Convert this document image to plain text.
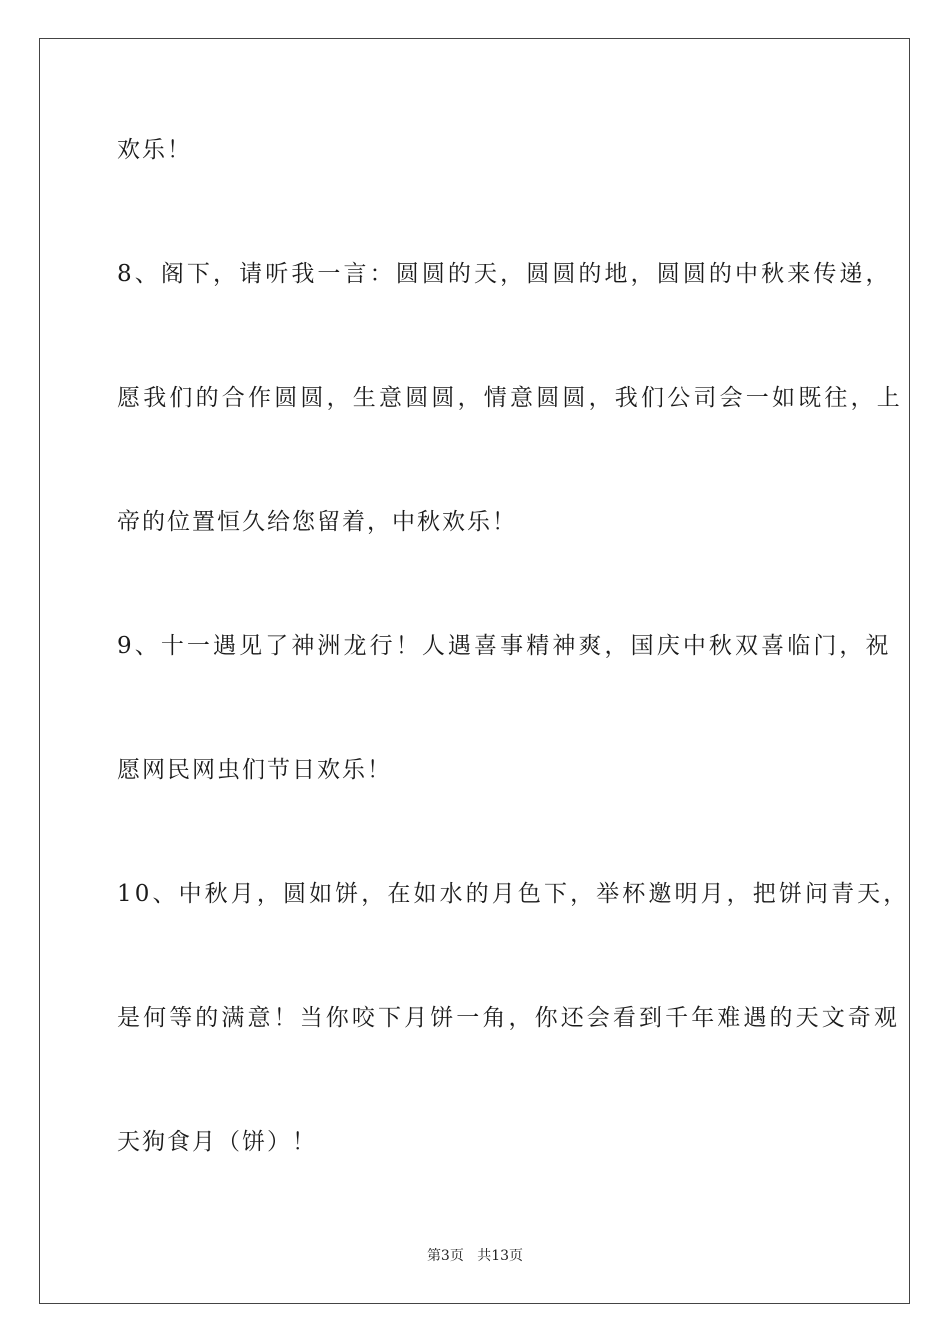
欢乐！
8、阁下，请听我一言：圆圆的天，圆圆的地，圆圆的中秋来传递，
愿我们的合作圆圆，生意圆圆，情意圆圆，我们公司会一如既往，上
帝的位置恒久给您留着，中秋欢乐！
9、十一遇见了神洲龙行！人遇喜事精神爽，国庆中秋双喜临门，祝
愿网民网虫们节日欢乐！
10、中秋月，圆如饼，在如水的月色下，举杯邀明月，把饼问青天，
是何等的满意！当你咬下月饼一角，你还会看到千年难遇的天文奇观
天狗食月（饼）！
第3页 共13页
